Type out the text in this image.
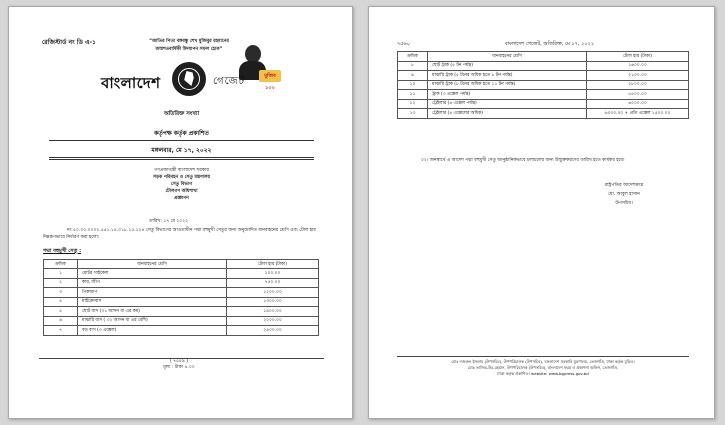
রেজিস্টার্ড নং ডি এ-১	“জাতির পিতা বঙ্গবন্ধু শেখ মুজিবুর রহমানের
জন্মশতবার্ষিকী উদযাপন সফল হোক”
মুজিব ১০০
বাংলাদেশ	গেজেট
অতিরিক্ত সংখ্যা
কর্তৃপক্ষ কর্তৃক প্রকাশিত
মঙ্গলবার, মে ১৭, ২০২২
গণপ্রজাতন্ত্রী বাংলাদেশ সরকার
সড়ক পরিবহন ও সেতু মন্ত্রণালয়
সেতু বিভাগ
টোলগণ অধিশাখা
প্রজ্ঞাপন
তারিখ: ১৭ মে ২০২২
নং ৫০.০০.০০০০.৫৫১.১৪.০১৮.১৫.১২৪ সেতু বিভাগের আওতাধীন পদ্মা বহুমুখী সেতুর জন্য অনুমোদিত যানবাহনের শ্রেণি এবং টোল হার নিম্নরূপভাবে নির্ধারণ করা হলো:
পদ্মা বহুমুখী সেতু :
ক্রমিক	যানবাহনের শ্রেণি	টোল হার (টাকা)
১	মোটর সাইকেল	১০০.০০
২	কার, জীপ	৭৫০.০০
৩	পিকআপ	১২০০.০০
৪	মাইক্রোবাস	১৩০০.০০
৫	ছোট বাস (৩১ আসন বা এর কম)	১৪০০.০০
৬	মাঝারি বাস ( ৩২ আসন বা এর বেশি)	২০০০.০০
৭	বড় বাস (৩ এক্সেল)	২৪০০.০০
( ৭৫৫৯ )
মূল্য : টাকা ৪.০০
৭৫৬০	বাংলাদেশ গেজেট, অতিরিক্ত, মে ১৭, ২০২২
ক্রমিক	যানবাহনের শ্রেণি	টোল হার (টাকা)
৮	ছোট ট্রাক (৫ টন পর্যন্ত)	১৬০০.০০
৯	মাঝারি ট্রাক (৫ টনের অধিক হতে ৮ টন পর্যন্ত)	২১০০.০০
১০	মাঝারি ট্রাক (৮ টনের অধিক হতে ১১ টন পর্যন্ত)	২৮০০.০০
১১	ট্রাক (৩ এক্সেল পর্যন্ত)	৫৫০০.০০
১২	ট্রেইলার (৪ এক্সেল পর্যন্ত)	৬০০০.০০
১৩	ট্রেইলার (৪ এক্সেলের অধিক)	৬০০০.০০ + প্রতি এক্সেল ১৫০০.০০
০২। জনস্বার্থে এ আদেশ পদ্মা বহুমুখী সেতু আনুষ্ঠানিকভাবে চলাচলের জন্য উন্মুক্তকরণের তারিখ হতে কার্যকর হবে।
রাষ্ট্রপতির আদেশক্রমে
মো. আবুল হাসান
উপসচিব।
মোঃ নজরুল ইসলাম (উপসচিব), উপপরিচালক (উপসচিব), বাংলাদেশ সরকারি মুদ্রণালয়, তেজগাঁও, ঢাকা কর্তৃক মুদ্রিত।
মোঃ তাজিম-উর-রহমান, উপপরিচালক (উপসচিব), বাংলাদেশ ফরম ও প্রকাশনা অফিস, তেজগাঁও,
ঢাকা কর্তৃক প্রকাশিত। website: www.bgpress.gov.bd
